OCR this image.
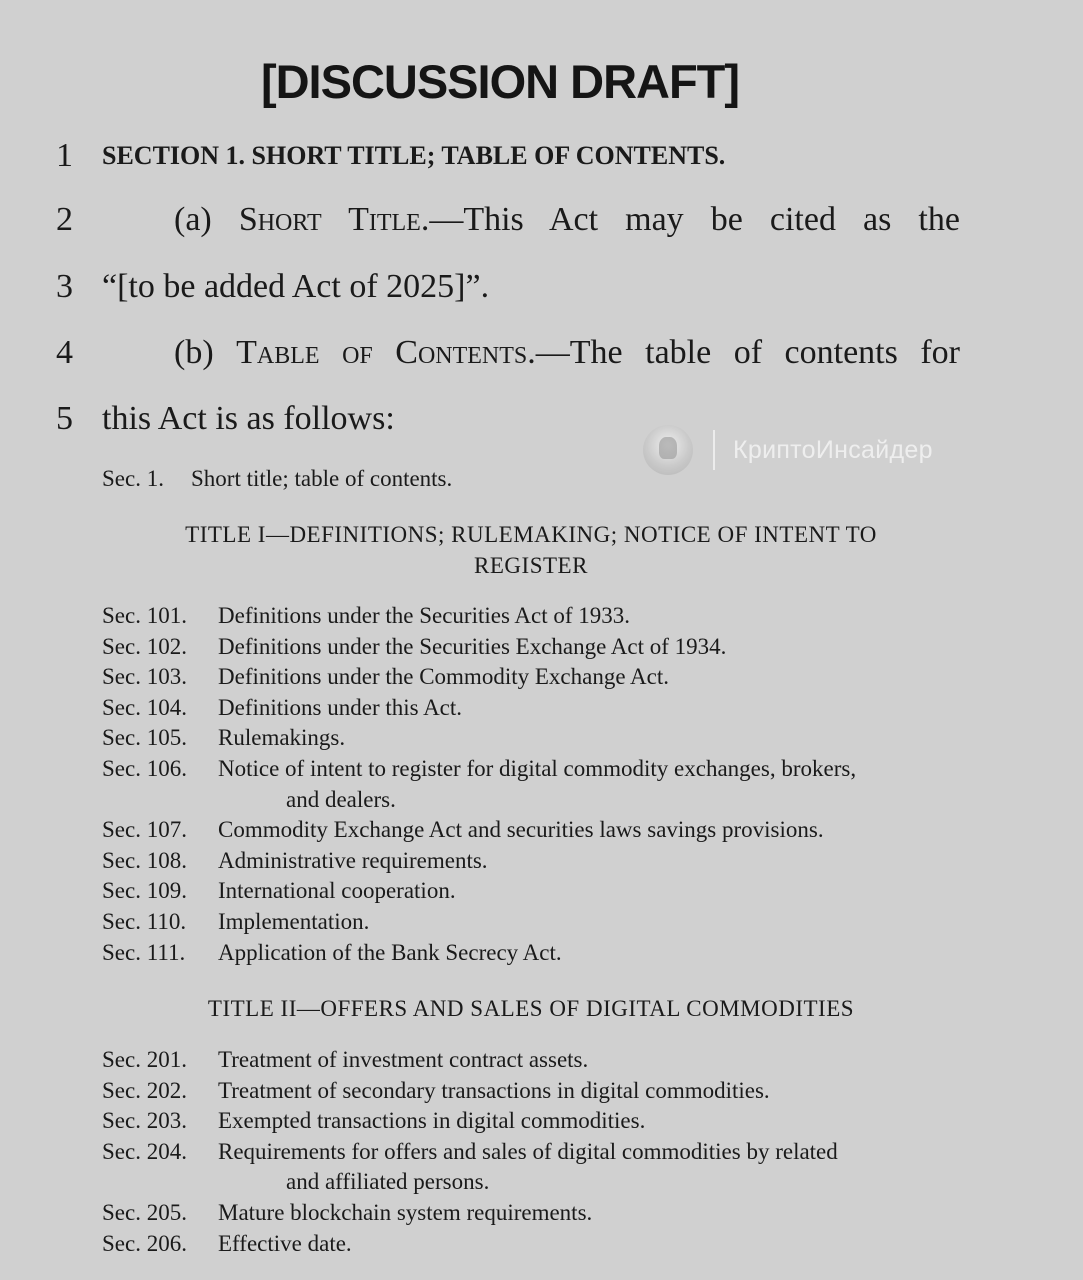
[DISCUSSION DRAFT]
1 SECTION 1. SHORT TITLE; TABLE OF CONTENTS.
2	(a) Short Title.—This Act may be cited as the
3 “[to be added Act of 2025]”.
4	(b) Table of Contents.—The table of contents for
5 this Act is as follows:
КриптоИнсайдер
Sec. 1. Short title; table of contents.
TITLE I—DEFINITIONS; RULEMAKING; NOTICE OF INTENT TO
REGISTER
Sec. 101. Definitions under the Securities Act of 1933.
Sec. 102. Definitions under the Securities Exchange Act of 1934.
Sec. 103. Definitions under the Commodity Exchange Act.
Sec. 104. Definitions under this Act.
Sec. 105. Rulemakings.
Sec. 106. Notice of intent to register for digital commodity exchanges, brokers,
and dealers.
Sec. 107. Commodity Exchange Act and securities laws savings provisions.
Sec. 108. Administrative requirements.
Sec. 109. International cooperation.
Sec. 110. Implementation.
Sec. 111. Application of the Bank Secrecy Act.
TITLE II—OFFERS AND SALES OF DIGITAL COMMODITIES
Sec. 201. Treatment of investment contract assets.
Sec. 202. Treatment of secondary transactions in digital commodities.
Sec. 203. Exempted transactions in digital commodities.
Sec. 204. Requirements for offers and sales of digital commodities by related
and affiliated persons.
Sec. 205. Mature blockchain system requirements.
Sec. 206. Effective date.
